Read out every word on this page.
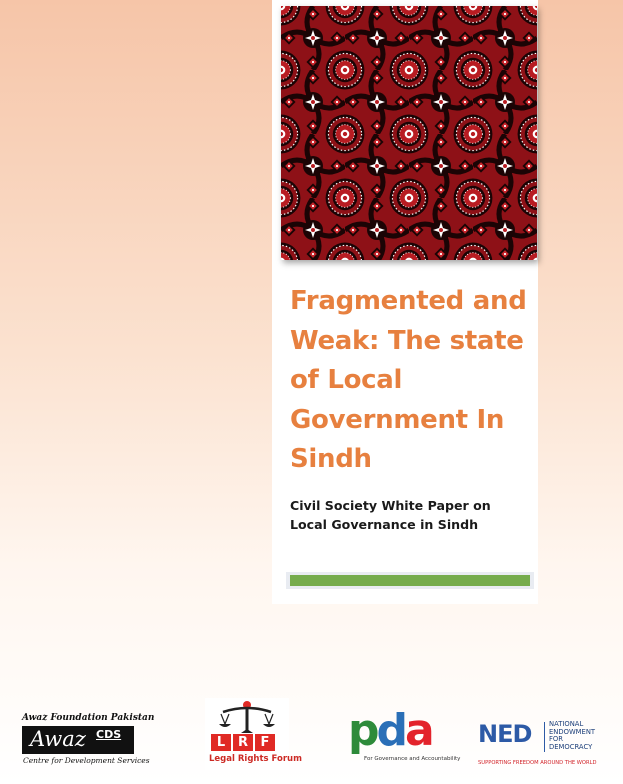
Fragmented and Weak: The state of Local Government In Sindh

Civil Society White Paper on
Local Governance in Sindh

Awaz Foundation Pakistan
Awaz CDS
Centre for Development Services
L R F
Legal Rights Forum
pda
For Governance and Accountability
NED	NATIONAL
ENDOWMENT
FOR
DEMOCRACY
SUPPORTING FREEDOM AROUND THE WORLD
